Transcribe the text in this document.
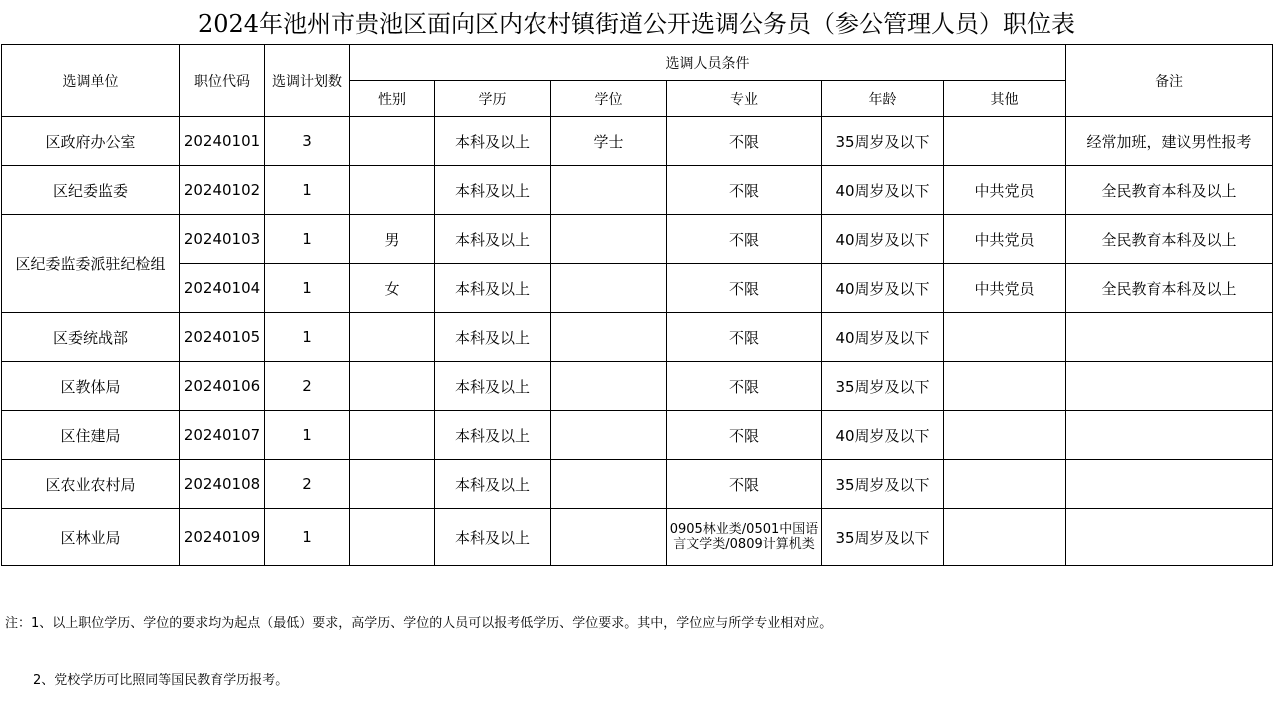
2024年池州市贵池区面向区内农村镇街道公开选调公务员（参公管理人员）职位表
选调单位	职位代码	选调计划数	选调人员条件						备注
			性别	学历	学位	专业	年龄	其他	
区政府办公室	20240101	3		本科及以上	学士	不限	35周岁及以下		经常加班，建议男性报考
区纪委监委	20240102	1		本科及以上		不限	40周岁及以下	中共党员	全民教育本科及以上
区纪委监委派驻纪检组	20240103	1	男	本科及以上		不限	40周岁及以下	中共党员	全民教育本科及以上
	20240104	1	女	本科及以上		不限	40周岁及以下	中共党员	全民教育本科及以上
区委统战部	20240105	1		本科及以上		不限	40周岁及以下		
区教体局	20240106	2		本科及以上		不限	35周岁及以下		
区住建局	20240107	1		本科及以上		不限	40周岁及以下		
区农业农村局	20240108	2		本科及以上		不限	35周岁及以下		
区林业局	20240109	1		本科及以上		0905林业类/0501中国语言文学类/0809计算机类	35周岁及以下		

注：1、以上职位学历、学位的要求均为起点（最低）要求，高学历、学位的人员可以报考低学历、学位要求。其中，学位应与所学专业相对应。

2、党校学历可比照同等国民教育学历报考。
